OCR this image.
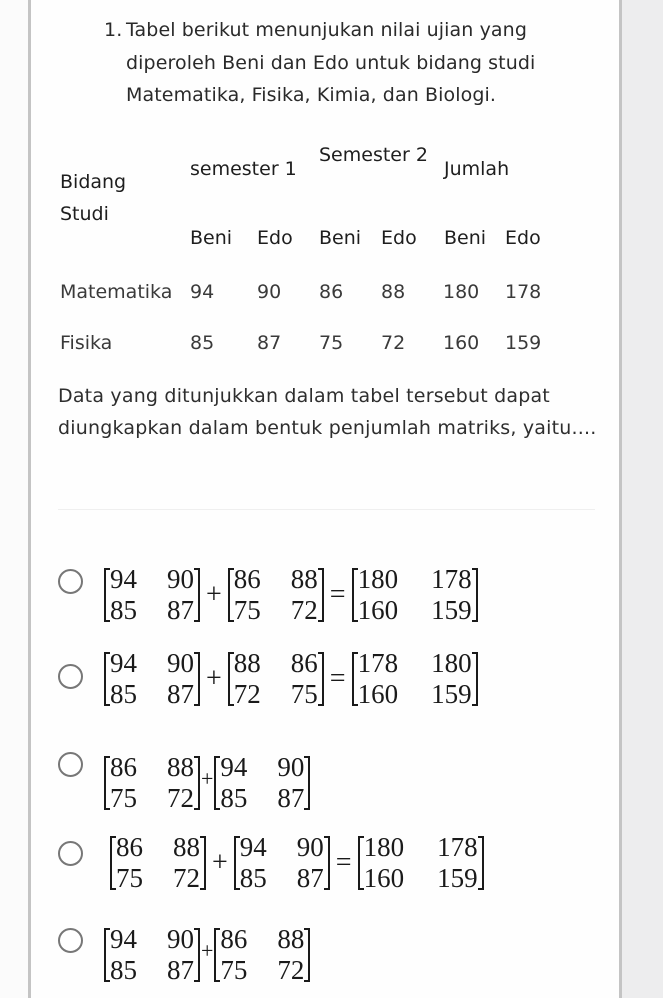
1. Tabel berikut menunjukan nilai ujian yang diperoleh Beni dan Edo untuk bidang studi Matematika, Fisika, Kimia, dan Biologi.
Bidang Studi
semester 1
Semester 2
Jumlah
Beni Edo Beni Edo Beni Edo
Matematika 94 90 86 88 180 178
Fisika	85 87 75 72 160 159
Data yang ditunjukkan dalam tabel tersebut dapat diungkapkan dalam bentuk penjumlah matriks, yaitu....
94	90
85	87 + 86	88
75	72 = 180	178
160	159
94	90
85	87 + 88	86
72	75 = 178	180
160	159
86	88
75	72
+ 94	90
85	87
86	88
75	72 + 94	90
85	87 = 180	178
160	159
94	90
85	87
+ 86	88
75	72
